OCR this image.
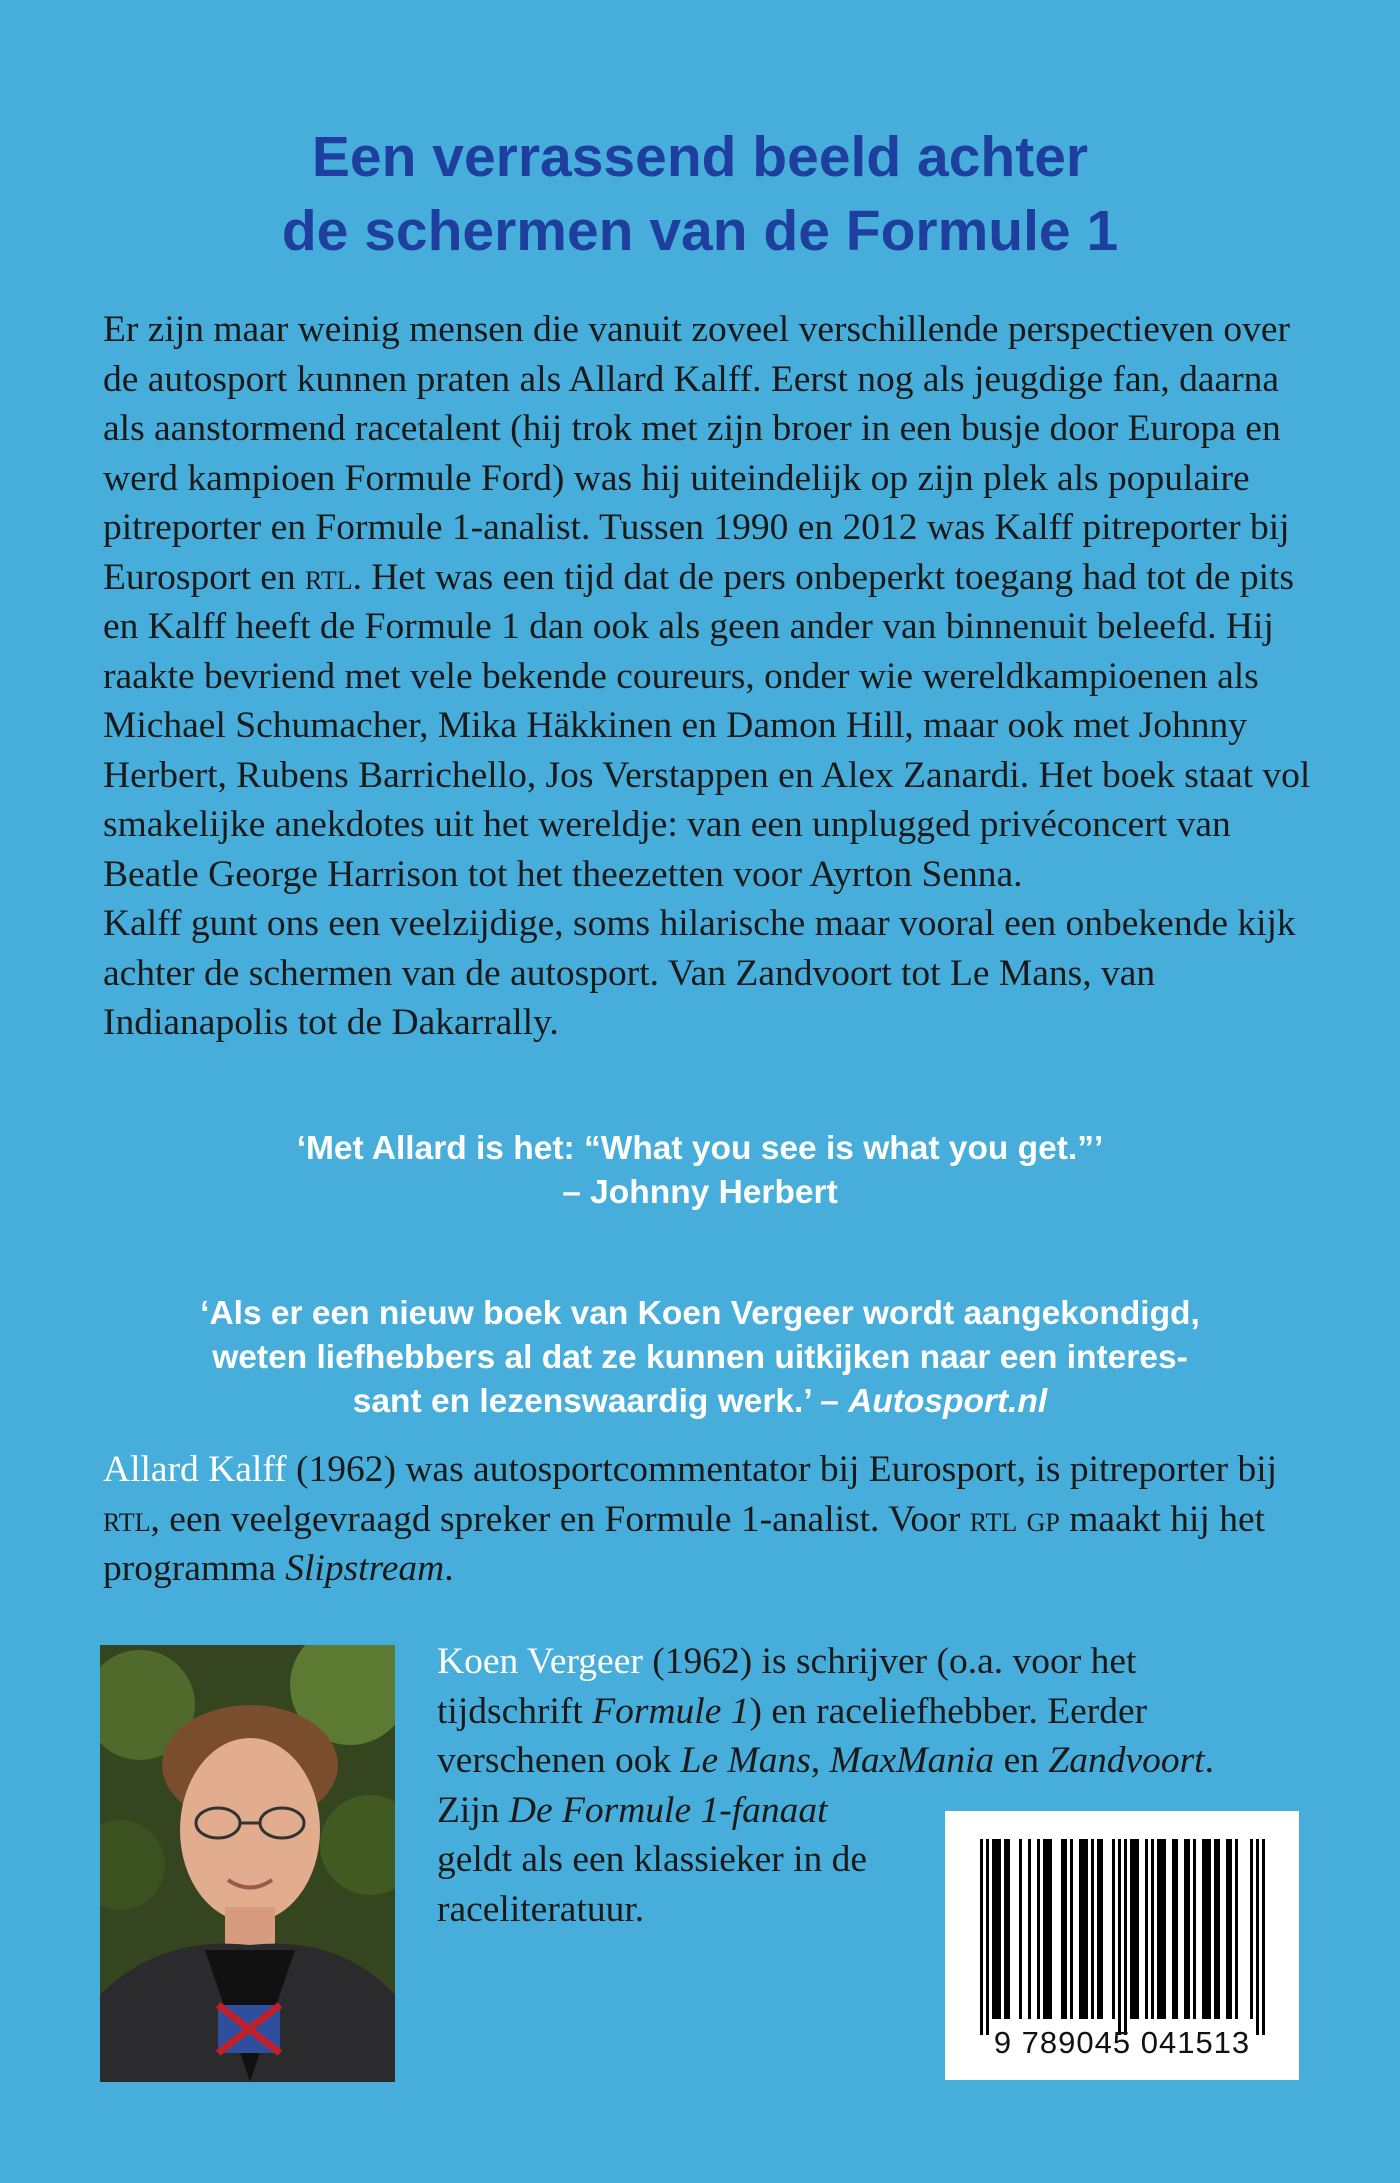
Een verrassend beeld achter
de schermen van de Formule 1

Er zijn maar weinig mensen die vanuit zoveel verschillende perspectieven over de autosport kunnen praten als Allard Kalff. Eerst nog als jeugdige fan, daarna als aanstormend racetalent (hij trok met zijn broer in een busje door Europa en werd kampioen Formule Ford) was hij uiteindelijk op zijn plek als populaire pitreporter en Formule 1-analist. Tussen 1990 en 2012 was Kalff pitreporter bij Eurosport en rtl. Het was een tijd dat de pers onbeperkt toegang had tot de pits en Kalff heeft de Formule 1 dan ook als geen ander van binnenuit beleefd. Hij raakte bevriend met vele bekende coureurs, onder wie wereldkampioenen als Michael Schumacher, Mika Häkkinen en Damon Hill, maar ook met Johnny Herbert, Rubens Barrichello, Jos Verstappen en Alex Zanardi. Het boek staat vol smakelijke anekdotes uit het wereldje: van een unplugged privéconcert van Beatle George Harrison tot het theezetten voor Ayrton Senna.

Kalff gunt ons een veelzijdige, soms hilarische maar vooral een onbekende kijk achter de schermen van de autosport. Van Zandvoort tot Le Mans, van Indianapolis tot de Dakarrally.

‘Met Allard is het: “What you see is what you get.”’
– Johnny Herbert
‘Als er een nieuw boek van Koen Vergeer wordt aangekondigd,
weten liefhebbers al dat ze kunnen uitkijken naar een interes-
sant en lezenswaardig werk.’ – Autosport.nl
Allard Kalff (1962) was autosportcommentator bij Eurosport, is pitreporter bij rtl, een veelgevraagd spreker en Formule 1-analist. Voor rtl gp maakt hij het programma Slipstream.
Koen Vergeer (1962) is schrijver (o.a. voor het
tijdschrift Formule 1) en raceliefhebber. Eerder
verschenen ook Le Mans, MaxMania en Zandvoort.
Zijn De Formule 1-fanaat
geldt als een klassieker in de
raceliteratuur.
9 789045 041513
